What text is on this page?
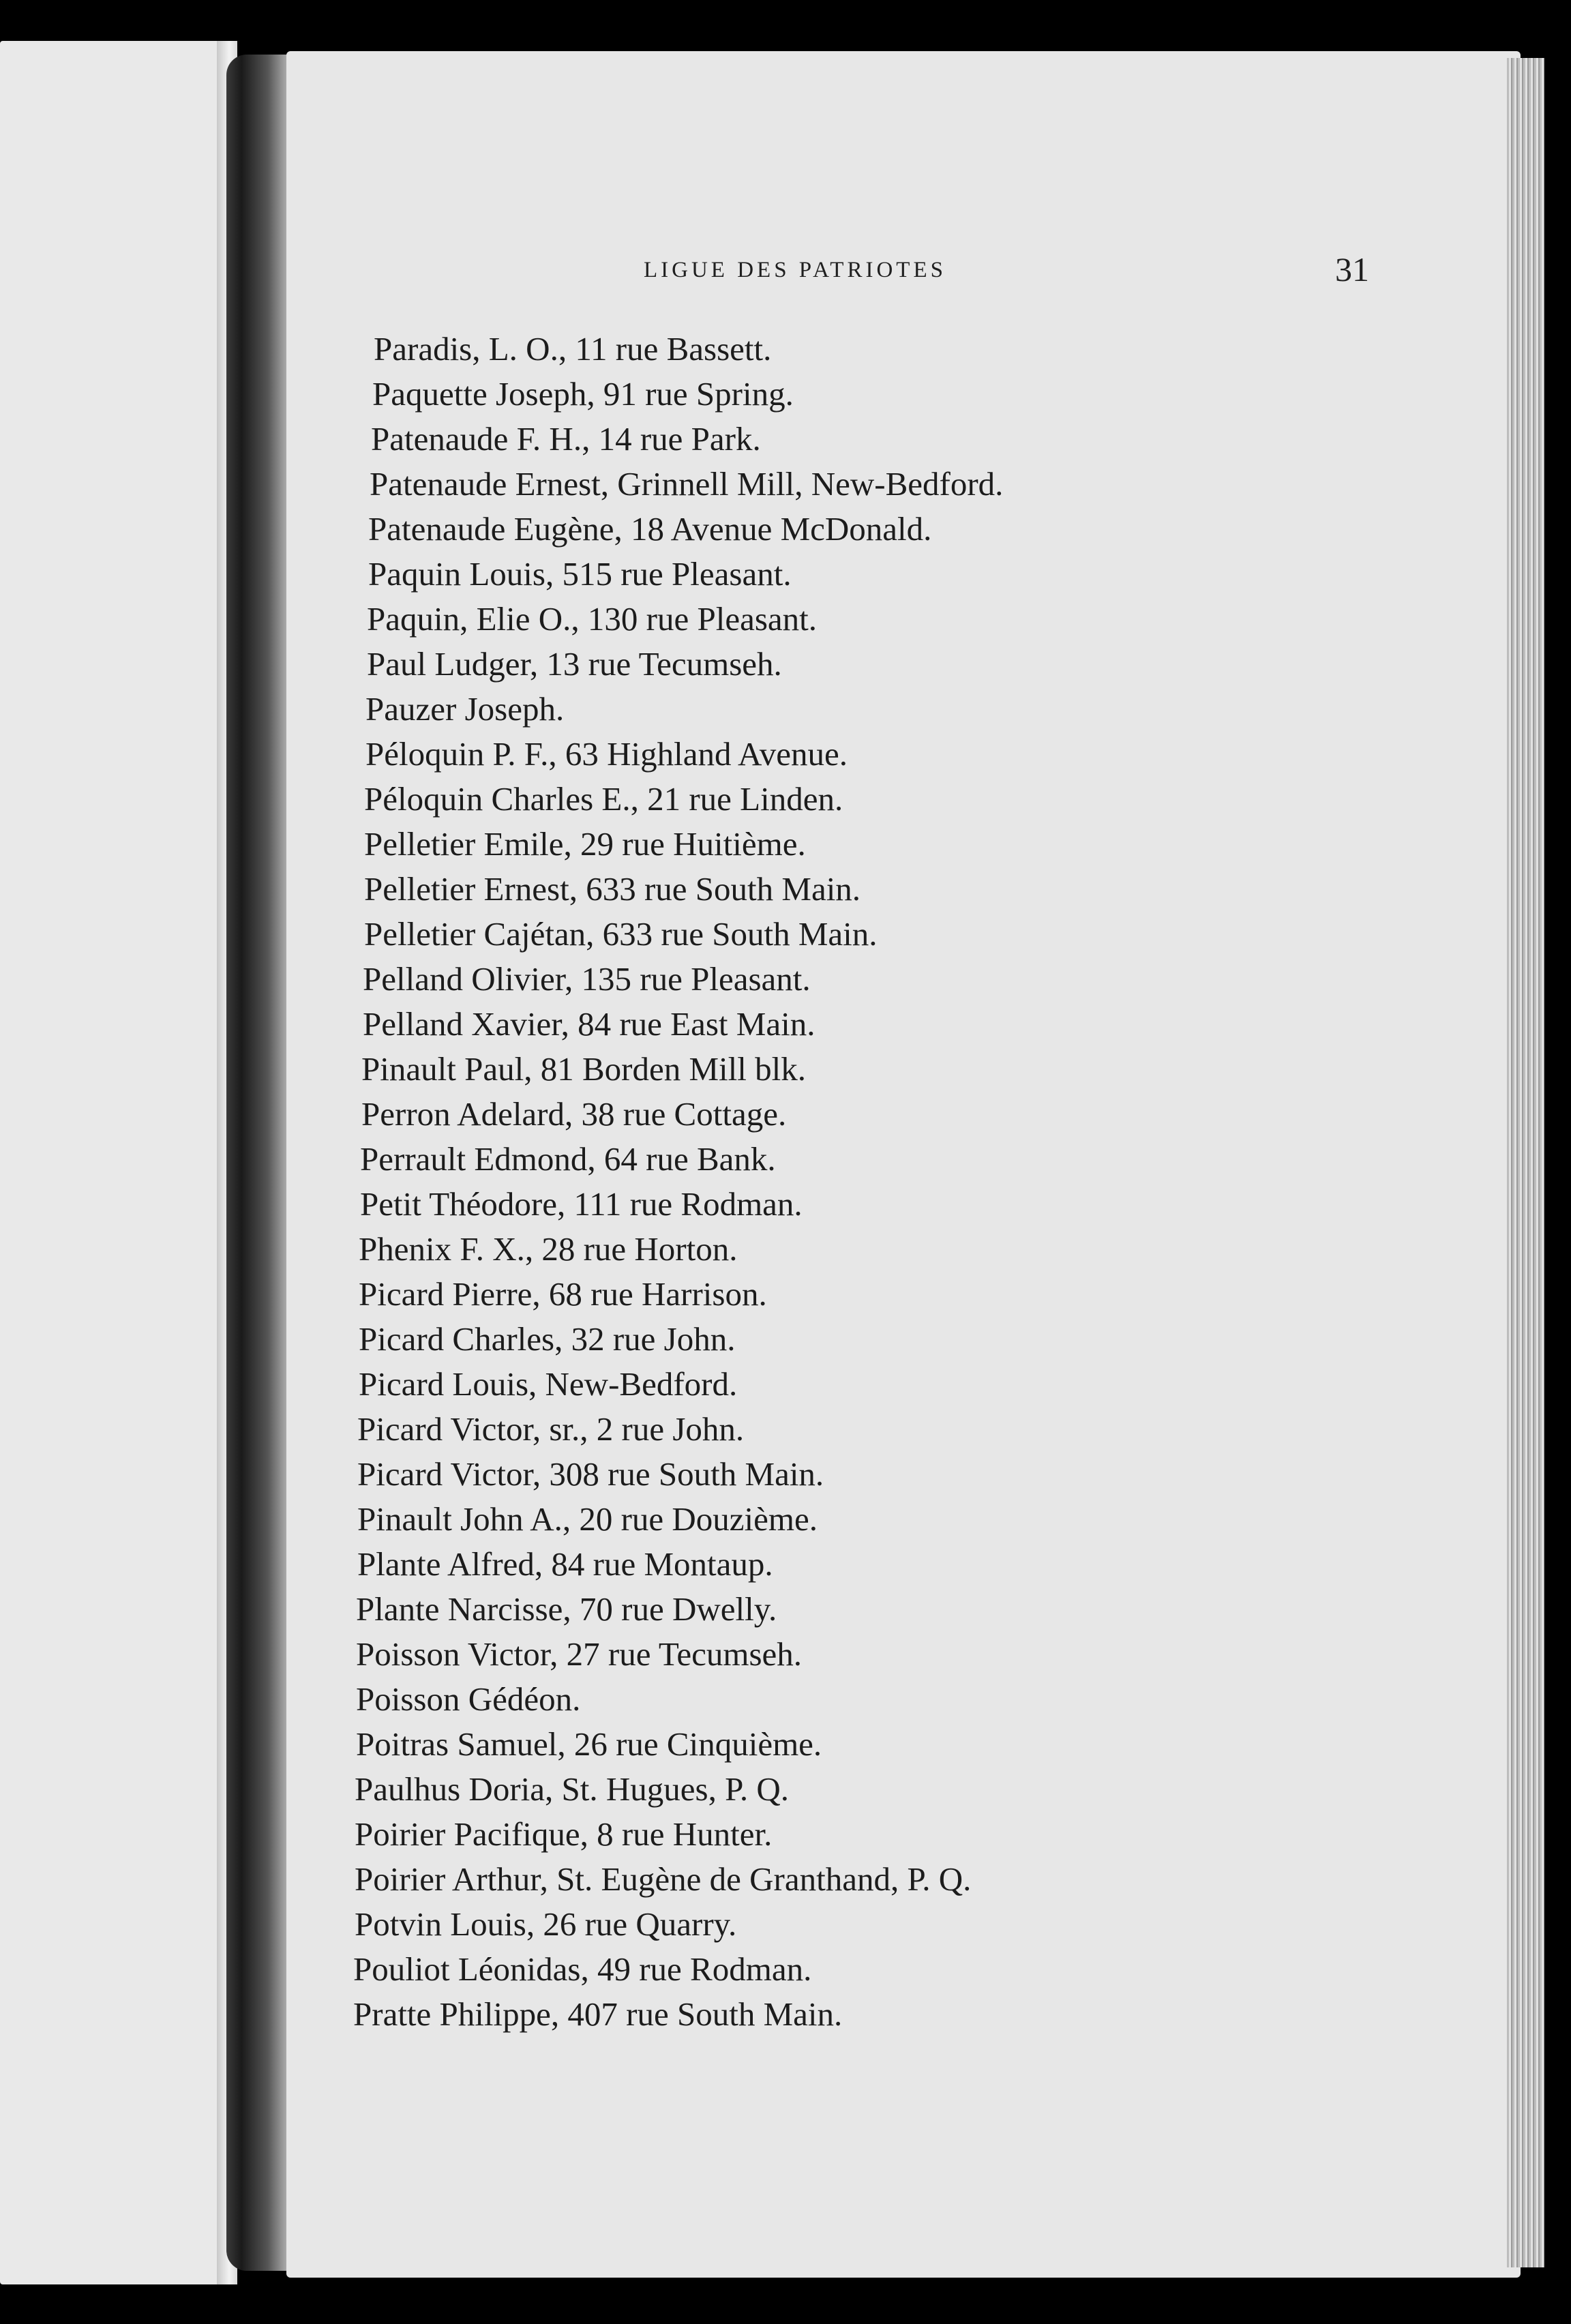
LIGUE DES PATRIOTES	31
Paradis, L. O., 11 rue Bassett.
Paquette Joseph, 91 rue Spring.
Patenaude F. H., 14 rue Park.
Patenaude Ernest, Grinnell Mill, New-Bedford.
Patenaude Eugène, 18 Avenue McDonald.
Paquin Louis, 515 rue Pleasant.
Paquin, Elie O., 130 rue Pleasant.
Paul Ludger, 13 rue Tecumseh.
Pauzer Joseph.
Péloquin P. F., 63 Highland Avenue.
Péloquin Charles E., 21 rue Linden.
Pelletier Emile, 29 rue Huitième.
Pelletier Ernest, 633 rue South Main.
Pelletier Cajétan, 633 rue South Main.
Pelland Olivier, 135 rue Pleasant.
Pelland Xavier, 84 rue East Main.
Pinault Paul, 81 Borden Mill blk.
Perron Adelard, 38 rue Cottage.
Perrault Edmond, 64 rue Bank.
Petit Théodore, 111 rue Rodman.
Phenix F. X., 28 rue Horton.
Picard Pierre, 68 rue Harrison.
Picard Charles, 32 rue John.
Picard Louis, New-Bedford.
Picard Victor, sr., 2 rue John.
Picard Victor, 308 rue South Main.
Pinault John A., 20 rue Douzième.
Plante Alfred, 84 rue Montaup.
Plante Narcisse, 70 rue Dwelly.
Poisson Victor, 27 rue Tecumseh.
Poisson Gédéon.
Poitras Samuel, 26 rue Cinquième.
Paulhus Doria, St. Hugues, P. Q.
Poirier Pacifique, 8 rue Hunter.
Poirier Arthur, St. Eugène de Granthand, P. Q.
Potvin Louis, 26 rue Quarry.
Pouliot Léonidas, 49 rue Rodman.
Pratte Philippe, 407 rue South Main.
